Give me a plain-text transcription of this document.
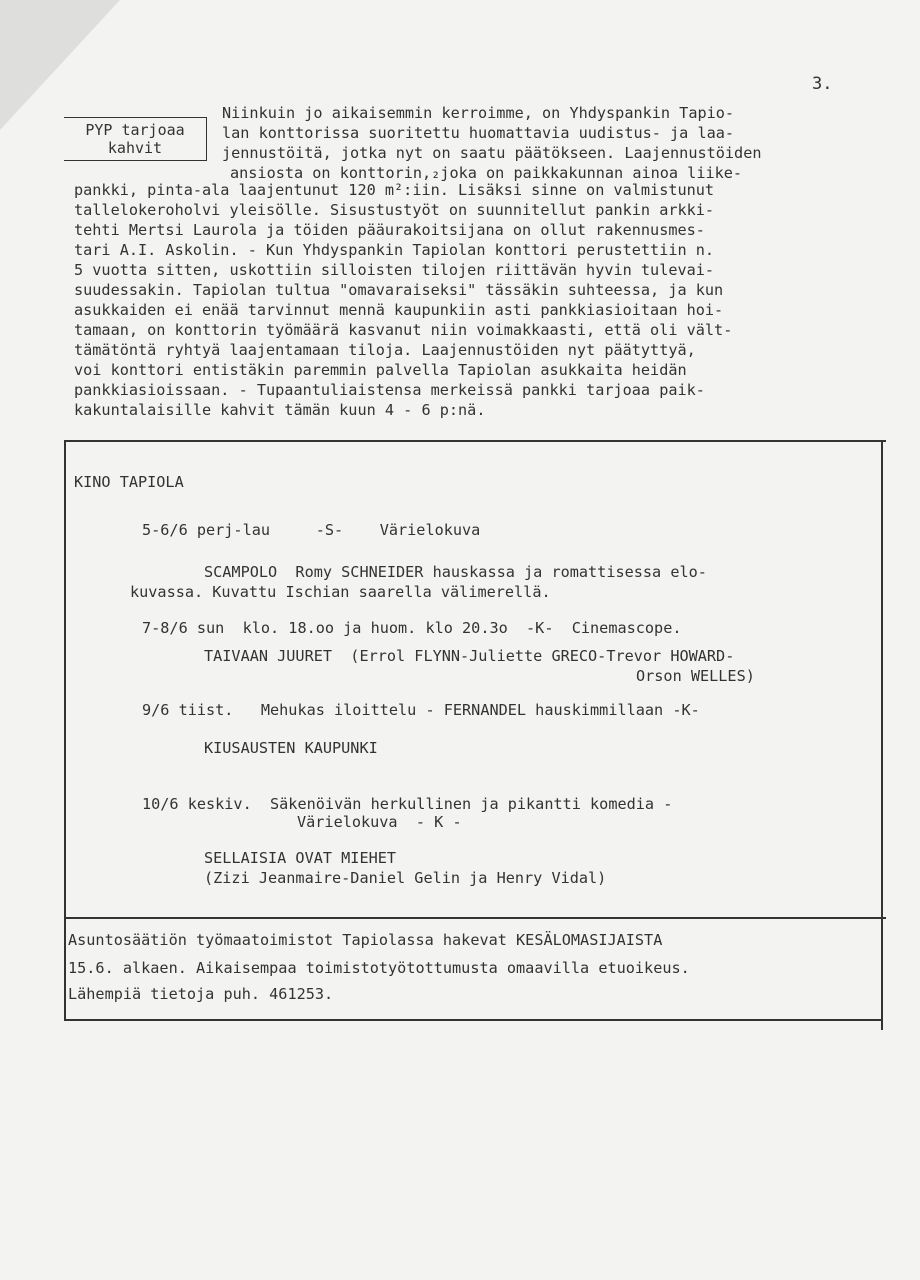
3.
PYP tarjoaa
kahvit
Niinkuin jo aikaisemmin kerroimme, on Yhdyspankin Tapio-
lan konttorissa suoritettu huomattavia uudistus- ja laa-
jennustöitä, jotka nyt on saatu päätökseen. Laajennustöiden
ansiosta on konttorin,₂joka on paikkakunnan ainoa liike-
pankki, pinta-ala laajentunut 120 m²:iin. Lisäksi sinne on valmistunut
tallelokeroholvi yleisölle. Sisustustyöt on suunnitellut pankin arkki-
tehti Mertsi Laurola ja töiden pääurakoitsijana on ollut rakennusmes-
tari A.I. Askolin. - Kun Yhdyspankin Tapiolan konttori perustettiin n.
5 vuotta sitten, uskottiin silloisten tilojen riittävän hyvin tulevai-
suudessakin. Tapiolan tultua "omavaraiseksi" tässäkin suhteessa, ja kun
asukkaiden ei enää tarvinnut mennä kaupunkiin asti pankkiasioitaan hoi-
tamaan, on konttorin työmäärä kasvanut niin voimakkaasti, että oli vält-
tämätöntä ryhtyä laajentamaan tiloja. Laajennustöiden nyt päätyttyä,
voi konttori entistäkin paremmin palvella Tapiolan asukkaita heidän
pankkiasioissaan. - Tupaantuliaistensa merkeissä pankki tarjoaa paik-
kakuntalaisille kahvit tämän kuun 4 - 6 p:nä.
KINO TAPIOLA
5-6/6 perj-lau     -S-    Värielokuva
SCAMPOLO  Romy SCHNEIDER hauskassa ja romattisessa elo-
kuvassa. Kuvattu Ischian saarella välimerellä.
7-8/6 sun  klo. 18.oo ja huom. klo 20.3o  -K-  Cinemascope.
TAIVAAN JUURET  (Errol FLYNN-Juliette GRECO-Trevor HOWARD-
Orson WELLES)
9/6 tiist.   Mehukas iloittelu - FERNANDEL hauskimmillaan -K-
KIUSAUSTEN KAUPUNKI
10/6 keskiv.  Säkenöivän herkullinen ja pikantti komedia -
Värielokuva  - K -
SELLAISIA OVAT MIEHET
(Zizi Jeanmaire-Daniel Gelin ja Henry Vidal)
Asuntosäätiön työmaatoimistot Tapiolassa hakevat KESÄLOMASIJAISTA
15.6. alkaen. Aikaisempaa toimistotyötottumusta omaavilla etuoikeus.
Lähempiä tietoja puh. 461253.
